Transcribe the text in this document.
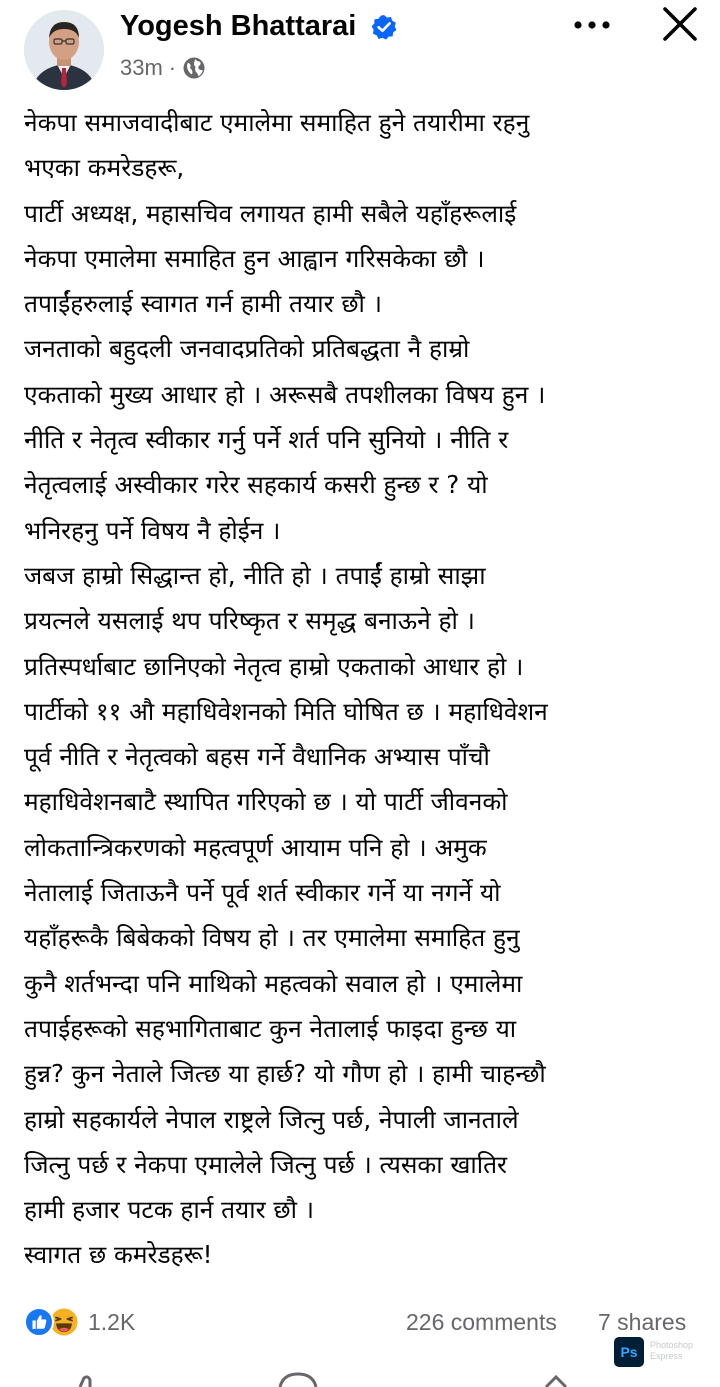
Yogesh Bhattarai
33m ·
नेकपा समाजवादीबाट एमालेमा समाहित हुने तयारीमा रहनु
भएका कमरेडहरू,
पार्टी अध्यक्ष, महासचिव लगायत हामी सबैले यहाँहरूलाई
नेकपा एमालेमा समाहित हुन आह्वान गरिसकेका छौ ।
तपाईंहरुलाई स्वागत गर्न हामी तयार छौ ।
जनताको बहुदली जनवादप्रतिको प्रतिबद्धता नै हाम्रो
एकताको मुख्य आधार हो । अरूसबै तपशीलका विषय हुन ।
नीति र नेतृत्व स्वीकार गर्नु पर्ने शर्त पनि सुनियो । नीति र
नेतृत्वलाई अस्वीकार गरेर सहकार्य कसरी हुन्छ र ? यो
भनिरहनु पर्ने विषय नै होईन ।
जबज हाम्रो सिद्धान्त हो, नीति हो । तपाईं हाम्रो साझा
प्रयत्नले यसलाई थप परिष्कृत र समृद्ध बनाऊने हो ।
प्रतिस्पर्धाबाट छानिएको नेतृत्व हाम्रो एकताको आधार हो ।
पार्टीको ११ औ महाधिवेशनको मिति घोषित छ । महाधिवेशन
पूर्व नीति र नेतृत्वको बहस गर्ने वैधानिक अभ्यास पाँचौ
महाधिवेशनबाटै स्थापित गरिएको छ । यो पार्टी जीवनको
लोकतान्त्रिकरणको महत्वपूर्ण आयाम पनि हो । अमुक
नेतालाई जिताऊनै पर्ने पूर्व शर्त स्वीकार गर्ने या नगर्ने यो
यहाँहरूकै बिबेकको विषय हो । तर एमालेमा समाहित हुनु
कुनै शर्तभन्दा पनि माथिको महत्वको सवाल हो । एमालेमा
तपाईहरूको सहभागिताबाट कुन नेतालाई फाइदा हुन्छ या
हुन्न? कुन नेताले जित्छ या हार्छ? यो गौण हो । हामी चाहन्छौ
हाम्रो सहकार्यले नेपाल राष्ट्रले जित्नु पर्छ, नेपाली जानताले
जित्नु पर्छ र नेकपा एमालेले जित्नु पर्छ । त्यसका खातिर
हामी हजार पटक हार्न तयार छौ ।
स्वागत छ कमरेडहरू!
1.2K	226 comments 7 shares
Ps	Photoshop
Express
